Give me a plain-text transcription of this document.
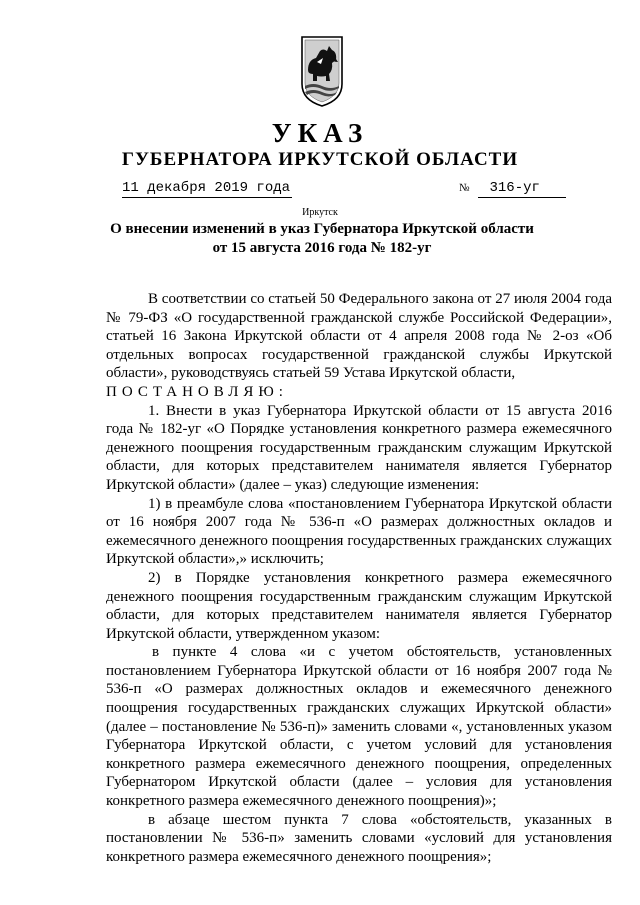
УКАЗ
ГУБЕРНАТОРА ИРКУТСКОЙ ОБЛАСТИ
11 декабря 2019 года	№ 316-уг
Иркутск
О внесении изменений в указ Губернатора Иркутской области
от 15 августа 2016 года № 182-уг

В соответствии со статьей 50 Федерального закона от 27 июля 2004 года № 79-ФЗ «О государственной гражданской службе Российской Федерации», статьей 16 Закона Иркутской области от 4 апреля 2008 года № 2-оз «Об отдельных вопросах государственной гражданской службы Иркутской области», руководствуясь статьей 59 Устава Иркутской области,

ПОСТАНОВЛЯЮ:

1. Внести в указ Губернатора Иркутской области от 15 августа 2016 года № 182-уг «О Порядке установления конкретного размера ежемесячного денежного поощрения государственным гражданским служащим Иркутской области, для которых представителем нанимателя является Губернатор Иркутской области» (далее – указ) следующие изменения:

1) в преамбуле слова «постановлением Губернатора Иркутской области от 16 ноября 2007 года № 536-п «О размерах должностных окладов и ежемесячного денежного поощрения государственных гражданских служащих Иркутской области»,» исключить;

2) в Порядке установления конкретного размера ежемесячного денежного поощрения государственным гражданским служащим Иркутской области, для которых представителем нанимателя является Губернатор Иркутской области, утвержденном указом:

в пункте 4 слова «и с учетом обстоятельств, установленных постановлением Губернатора Иркутской области от 16 ноября 2007 года № 536-п «О размерах должностных окладов и ежемесячного денежного поощрения государственных гражданских служащих Иркутской области» (далее – постановление № 536-п)» заменить словами «, установленных указом Губернатора Иркутской области, с учетом условий для установления конкретного размера ежемесячного денежного поощрения, определенных Губернатором Иркутской области (далее – условия для установления конкретного размера ежемесячного денежного поощрения)»;

в абзаце шестом пункта 7 слова «обстоятельств, указанных в постановлении № 536-п» заменить словами «условий для установления конкретного размера ежемесячного денежного поощрения»;
